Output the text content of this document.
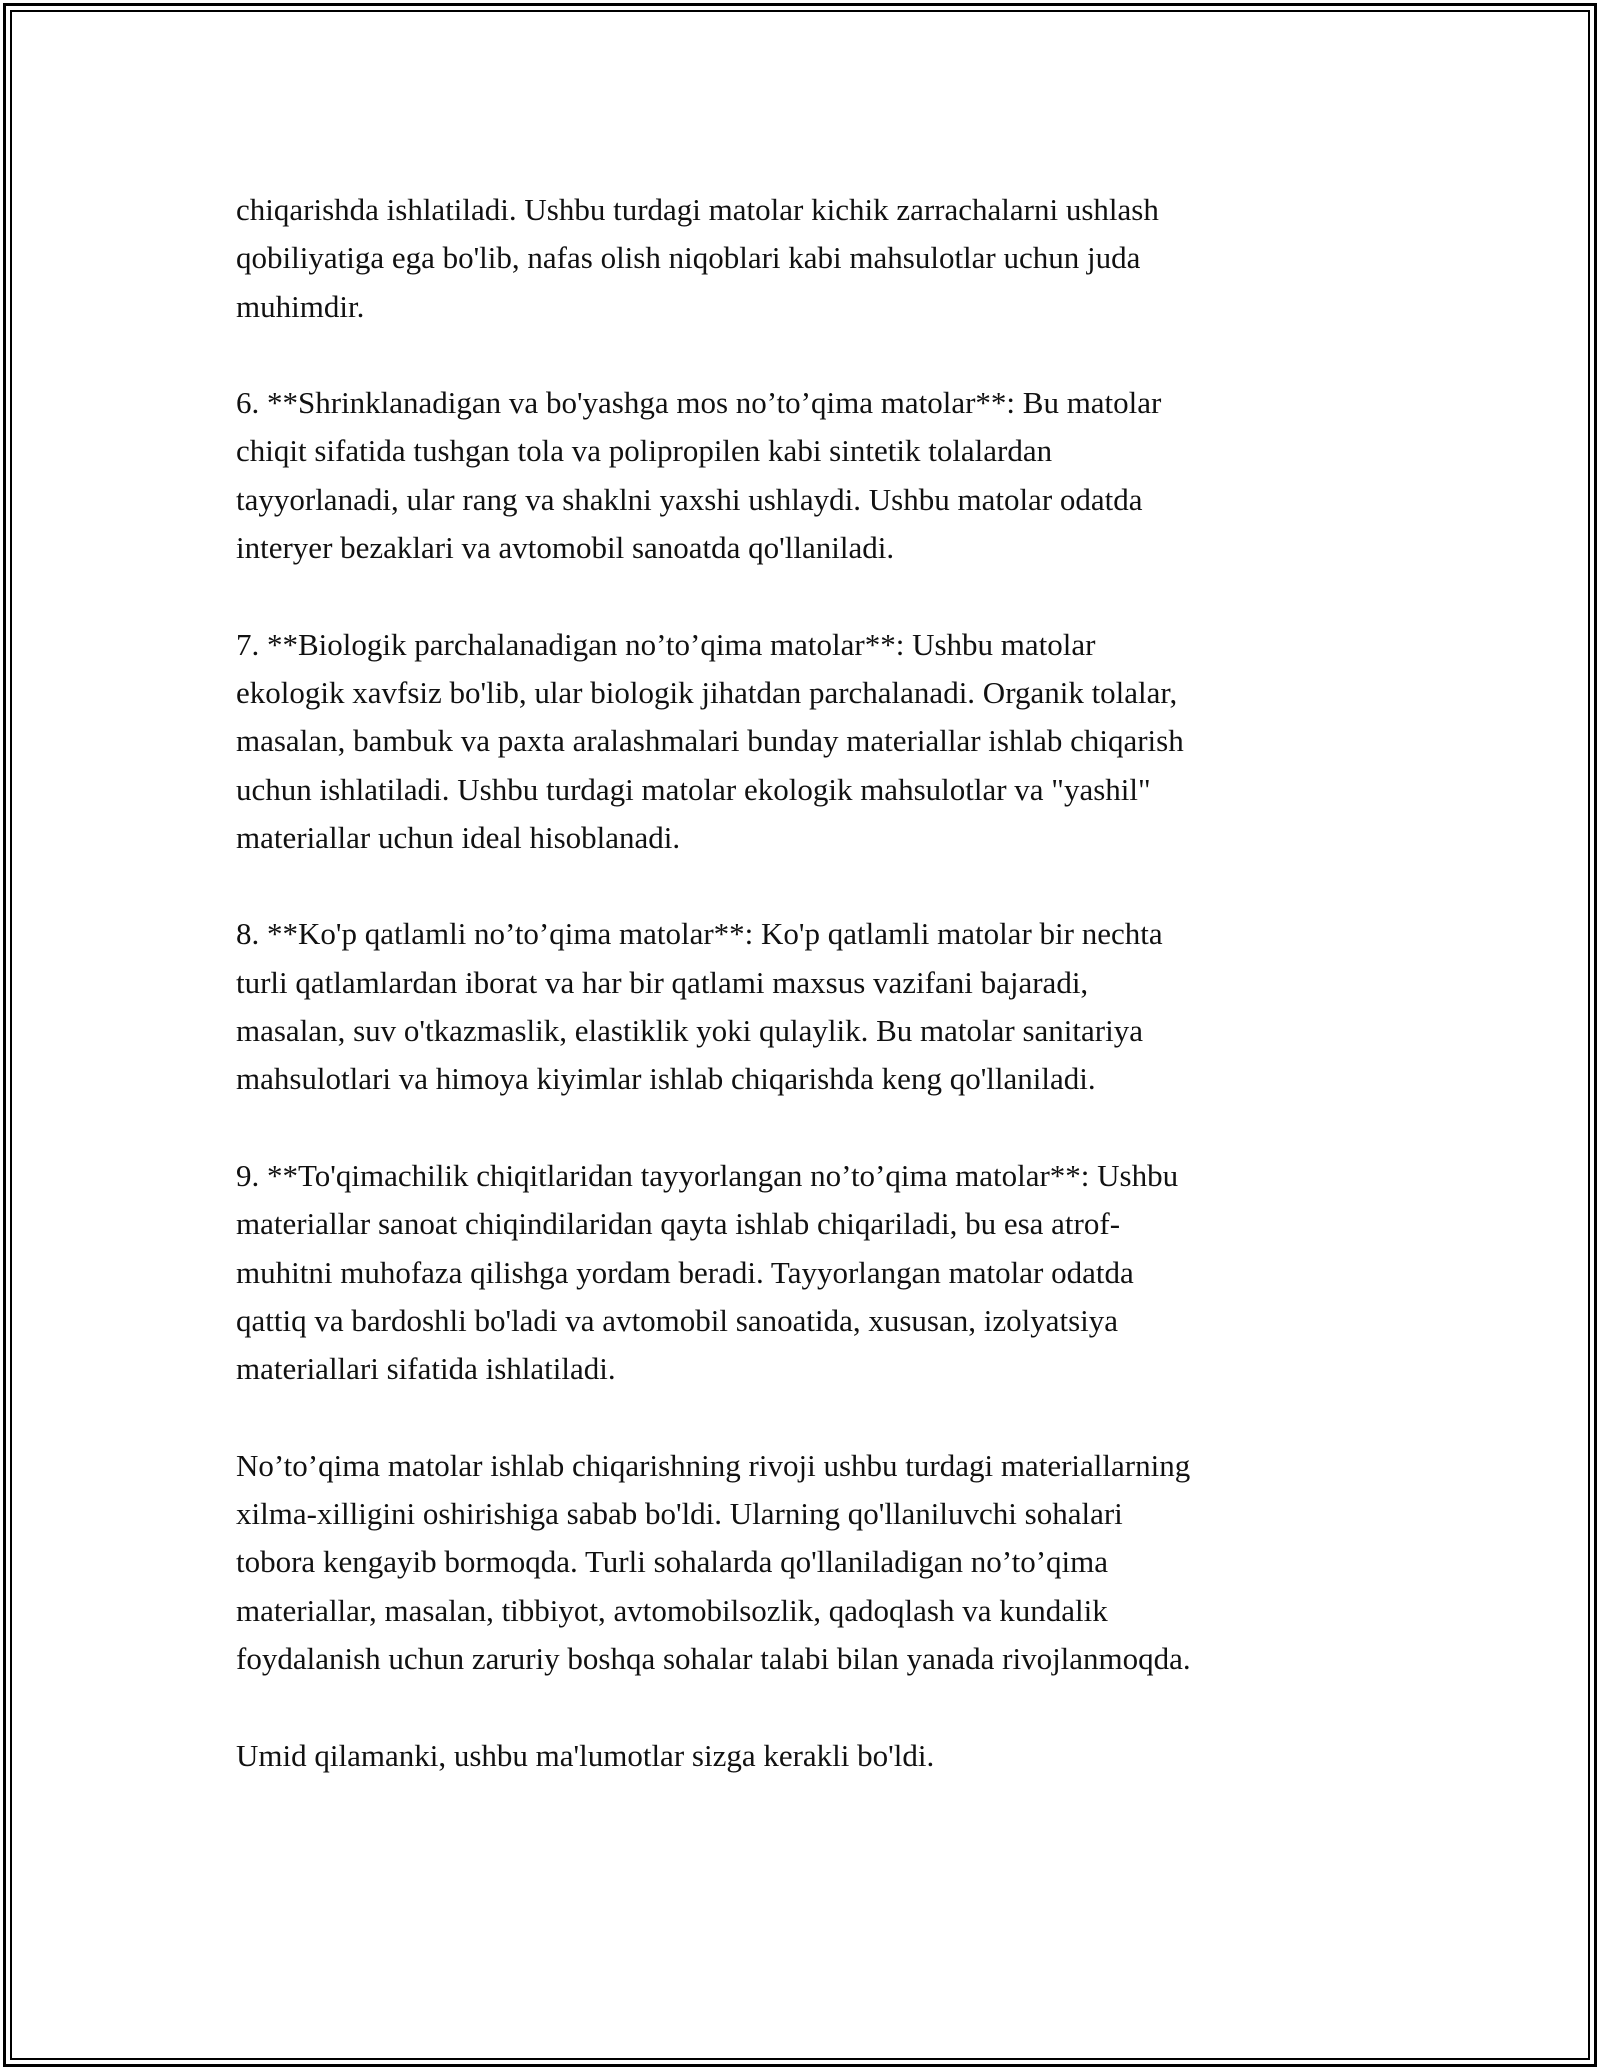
chiqarishda ishlatiladi. Ushbu turdagi matolar kichik zarrachalarni ushlash
qobiliyatiga ega bo'lib, nafas olish niqoblari kabi mahsulotlar uchun juda
muhimdir.

6. **Shrinklanadigan va bo'yashga mos no’to’qima matolar**: Bu matolar
chiqit sifatida tushgan tola va polipropilen kabi sintetik tolalardan
tayyorlanadi, ular rang va shaklni yaxshi ushlaydi. Ushbu matolar odatda
interyer bezaklari va avtomobil sanoatda qo'llaniladi.

7. **Biologik parchalanadigan no’to’qima matolar**: Ushbu matolar
ekologik xavfsiz bo'lib, ular biologik jihatdan parchalanadi. Organik tolalar,
masalan, bambuk va paxta aralashmalari bunday materiallar ishlab chiqarish
uchun ishlatiladi. Ushbu turdagi matolar ekologik mahsulotlar va "yashil"
materiallar uchun ideal hisoblanadi.

8. **Ko'p qatlamli no’to’qima matolar**: Ko'p qatlamli matolar bir nechta
turli qatlamlardan iborat va har bir qatlami maxsus vazifani bajaradi,
masalan, suv o'tkazmaslik, elastiklik yoki qulaylik. Bu matolar sanitariya
mahsulotlari va himoya kiyimlar ishlab chiqarishda keng qo'llaniladi.

9. **To'qimachilik chiqitlaridan tayyorlangan no’to’qima matolar**: Ushbu
materiallar sanoat chiqindilaridan qayta ishlab chiqariladi, bu esa atrof-
muhitni muhofaza qilishga yordam beradi. Tayyorlangan matolar odatda
qattiq va bardoshli bo'ladi va avtomobil sanoatida, xususan, izolyatsiya
materiallari sifatida ishlatiladi.

No’to’qima matolar ishlab chiqarishning rivoji ushbu turdagi materiallarning
xilma-xilligini oshirishiga sabab bo'ldi. Ularning qo'llaniluvchi sohalari
tobora kengayib bormoqda. Turli sohalarda qo'llaniladigan no’to’qima
materiallar, masalan, tibbiyot, avtomobilsozlik, qadoqlash va kundalik
foydalanish uchun zaruriy boshqa sohalar talabi bilan yanada rivojlanmoqda.

Umid qilamanki, ushbu ma'lumotlar sizga kerakli bo'ldi.
